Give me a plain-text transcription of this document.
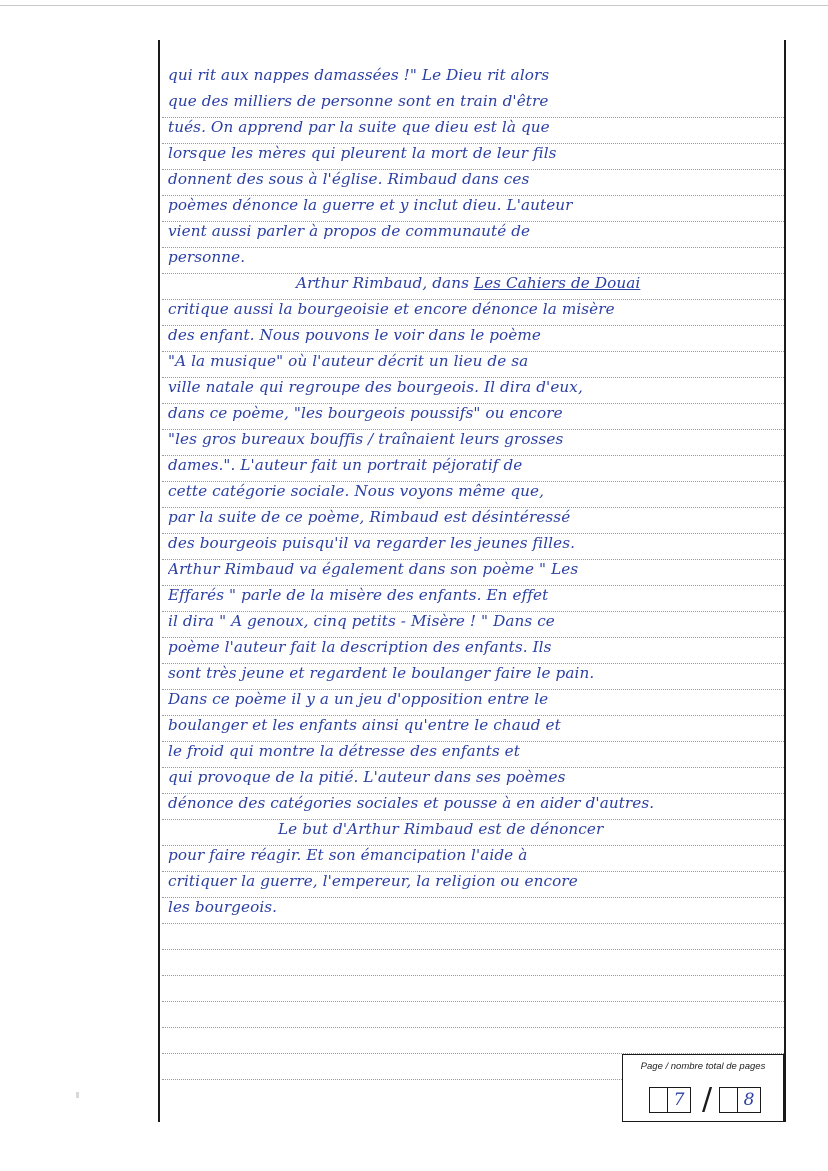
qui rit aux nappes damassées !" Le Dieu rit alors
que des milliers de personne sont en train d'être
tués. On apprend par la suite que dieu est là que
lorsque les mères qui pleurent la mort de leur fils
donnent des sous à l'église. Rimbaud dans ces
poèmes dénonce la guerre et y inclut dieu. L'auteur
vient aussi parler à propos de communauté de
personne.
Arthur Rimbaud, dans Les Cahiers de Douai
critique aussi la bourgeoisie et encore dénonce la misère
des enfant. Nous pouvons le voir dans le poème
"A la musique" où l'auteur décrit un lieu de sa
ville natale qui regroupe des bourgeois. Il dira d'eux,
dans ce poème, "les bourgeois poussifs" ou encore
"les gros bureaux bouffis / traînaient leurs grosses
dames.". L'auteur fait un portrait péjoratif de
cette catégorie sociale. Nous voyons même que,
par la suite de ce poème, Rimbaud est désintéressé
des bourgeois puisqu'il va regarder les jeunes filles.
Arthur Rimbaud va également dans son poème " Les
Effarés " parle de la misère des enfants. En effet
il dira " A genoux, cinq petits - Misère ! " Dans ce
poème l'auteur fait la description des enfants. Ils
sont très jeune et regardent le boulanger faire le pain.
Dans ce poème il y a un jeu d'opposition entre le
boulanger et les enfants ainsi qu'entre le chaud et
le froid qui montre la détresse des enfants et
qui provoque de la pitié. L'auteur dans ses poèmes
dénonce des catégories sociales et pousse à en aider d'autres.
Le but d'Arthur Rimbaud est de dénoncer
pour faire réagir. Et son émancipation l'aide à
critiquer la guerre, l'empereur, la religion ou encore
les bourgeois.
Page / nombre total de pages
7 /	8
